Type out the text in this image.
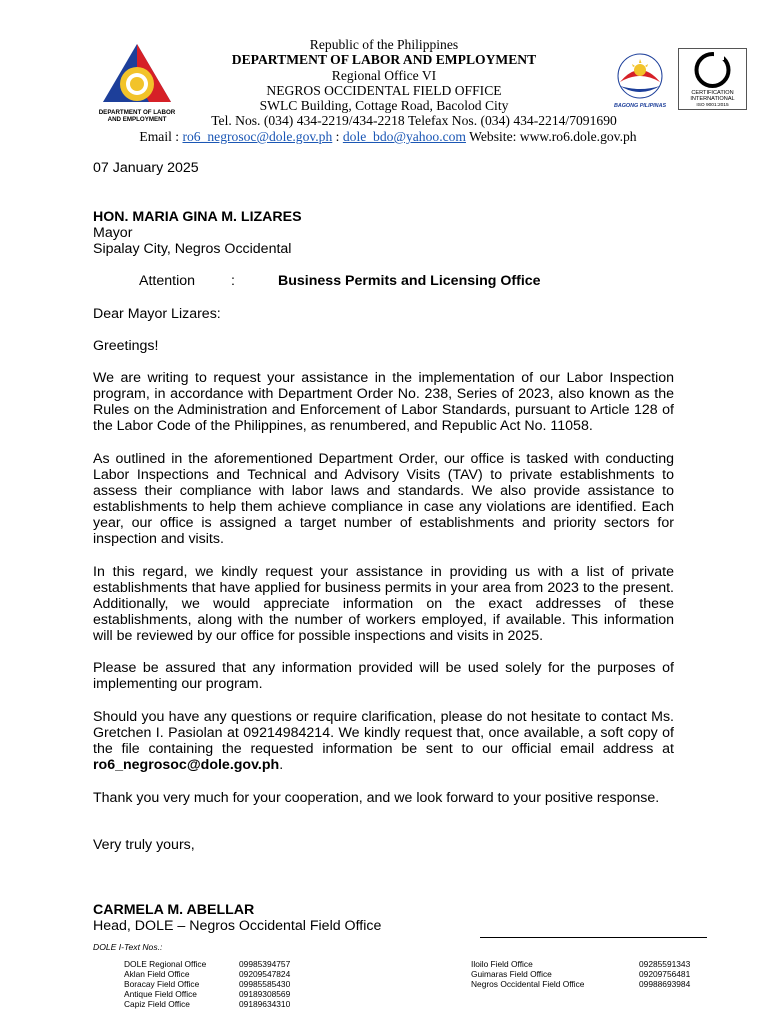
DEPARTMENT OF LABOR
AND EMPLOYMENT
BAGONG PILIPINAS
CERTIFICATION
INTERNATIONAL
ISO 9001:2015
Republic of the Philippines
DEPARTMENT OF LABOR AND EMPLOYMENT
Regional Office VI
NEGROS OCCIDENTAL FIELD OFFICE
SWLC Building, Cottage Road, Bacolod City
Tel. Nos. (034) 434-2219/434-2218 Telefax Nos. (034) 434-2214/7091690
Email : ro6_negrosoc@dole.gov.ph : dole_bdo@yahoo.com Website: www.ro6.dole.gov.ph
07 January 2025
HON. MARIA GINA M. LIZARES
Mayor
Sipalay City, Negros Occidental
Attention	:	Business Permits and Licensing Office
Dear Mayor Lizares:
Greetings!
We are writing to request your assistance in the implementation of our Labor Inspection program, in accordance with Department Order No. 238, Series of 2023, also known as the Rules on the Administration and Enforcement of Labor Standards, pursuant to Article 128 of the Labor Code of the Philippines, as renumbered, and Republic Act No. 11058.
As outlined in the aforementioned Department Order, our office is tasked with conducting Labor Inspections and Technical and Advisory Visits (TAV) to private establishments to assess their compliance with labor laws and standards. We also provide assistance to establishments to help them achieve compliance in case any violations are identified. Each year, our office is assigned a target number of establishments and priority sectors for inspection and visits.
In this regard, we kindly request your assistance in providing us with a list of private establishments that have applied for business permits in your area from 2023 to the present. Additionally, we would appreciate information on the exact addresses of these establishments, along with the number of workers employed, if available. This information will be reviewed by our office for possible inspections and visits in 2025.
Please be assured that any information provided will be used solely for the purposes of implementing our program.
Should you have any questions or require clarification, please do not hesitate to contact Ms. Gretchen I. Pasiolan at 09214984214. We kindly request that, once available, a soft copy of the file containing the requested information be sent to our official email address at ro6_negrosoc@dole.gov.ph.
Thank you very much for your cooperation, and we look forward to your positive response.
Very truly yours,
CARMELA M. ABELLAR
Head, DOLE – Negros Occidental Field Office
DOLE I-Text Nos.:
DOLE Regional Office	09985394757
Aklan Field Office	09209547824
Boracay Field Office	09985585430
Antique Field Office	09189308569
Capiz Field Office	09189634310
Iloilo Field Office	09285591343
Guimaras Field Office	09209756481
Negros Occidental Field Office	09988693984
